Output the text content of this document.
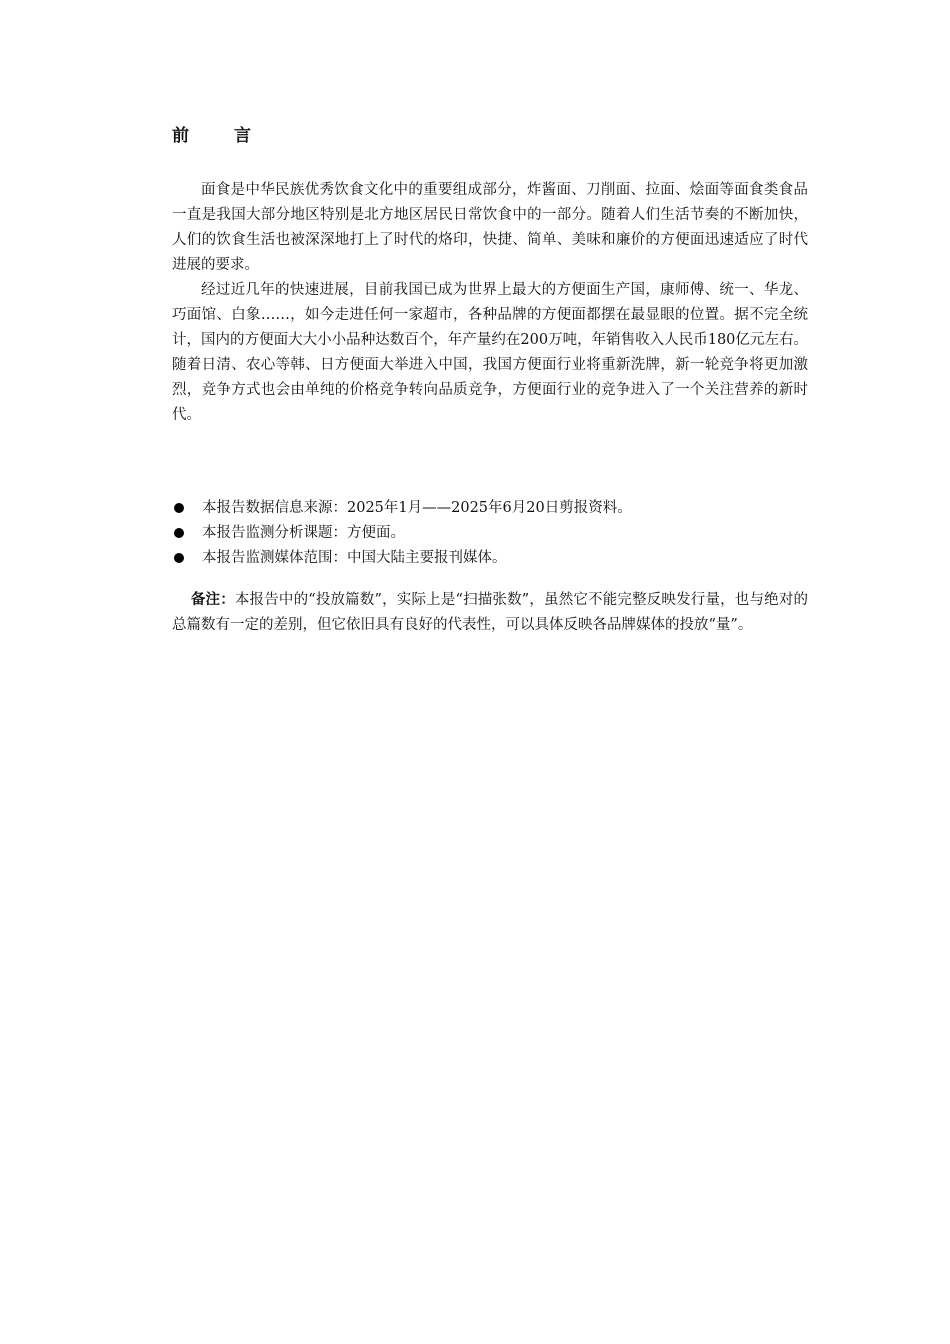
前　言

面食是中华民族优秀饮食文化中的重要组成部分，炸酱面、刀削面、拉面、烩面等面食类食品一直是我国大部分地区特别是北方地区居民日常饮食中的一部分。随着人们生活节奏的不断加快，人们的饮食生活也被深深地打上了时代的烙印，快捷、简单、美味和廉价的方便面迅速适应了时代进展的要求。

经过近几年的快速进展，目前我国已成为世界上最大的方便面生产国，康师傅、统一、华龙、巧面馆、白象……，如今走进任何一家超市，各种品牌的方便面都摆在最显眼的位置。据不完全统计，国内的方便面大大小小品种达数百个，年产量约在200万吨，年销售收入人民币180亿元左右。随着日清、农心等韩、日方便面大举进入中国，我国方便面行业将重新洗牌，新一轮竞争将更加激烈，竞争方式也会由单纯的价格竞争转向品质竞争，方便面行业的竞争进入了一个关注营养的新时代。

本报告数据信息来源：2025年1月——2025年6月20日剪报资料。
本报告监测分析课题：方便面。
本报告监测媒体范围：中国大陆主要报刊媒体。

备注：本报告中的“投放篇数”，实际上是“扫描张数”，虽然它不能完整反映发行量，也与绝对的总篇数有一定的差别，但它依旧具有良好的代表性，可以具体反映各品牌媒体的投放“量”。
